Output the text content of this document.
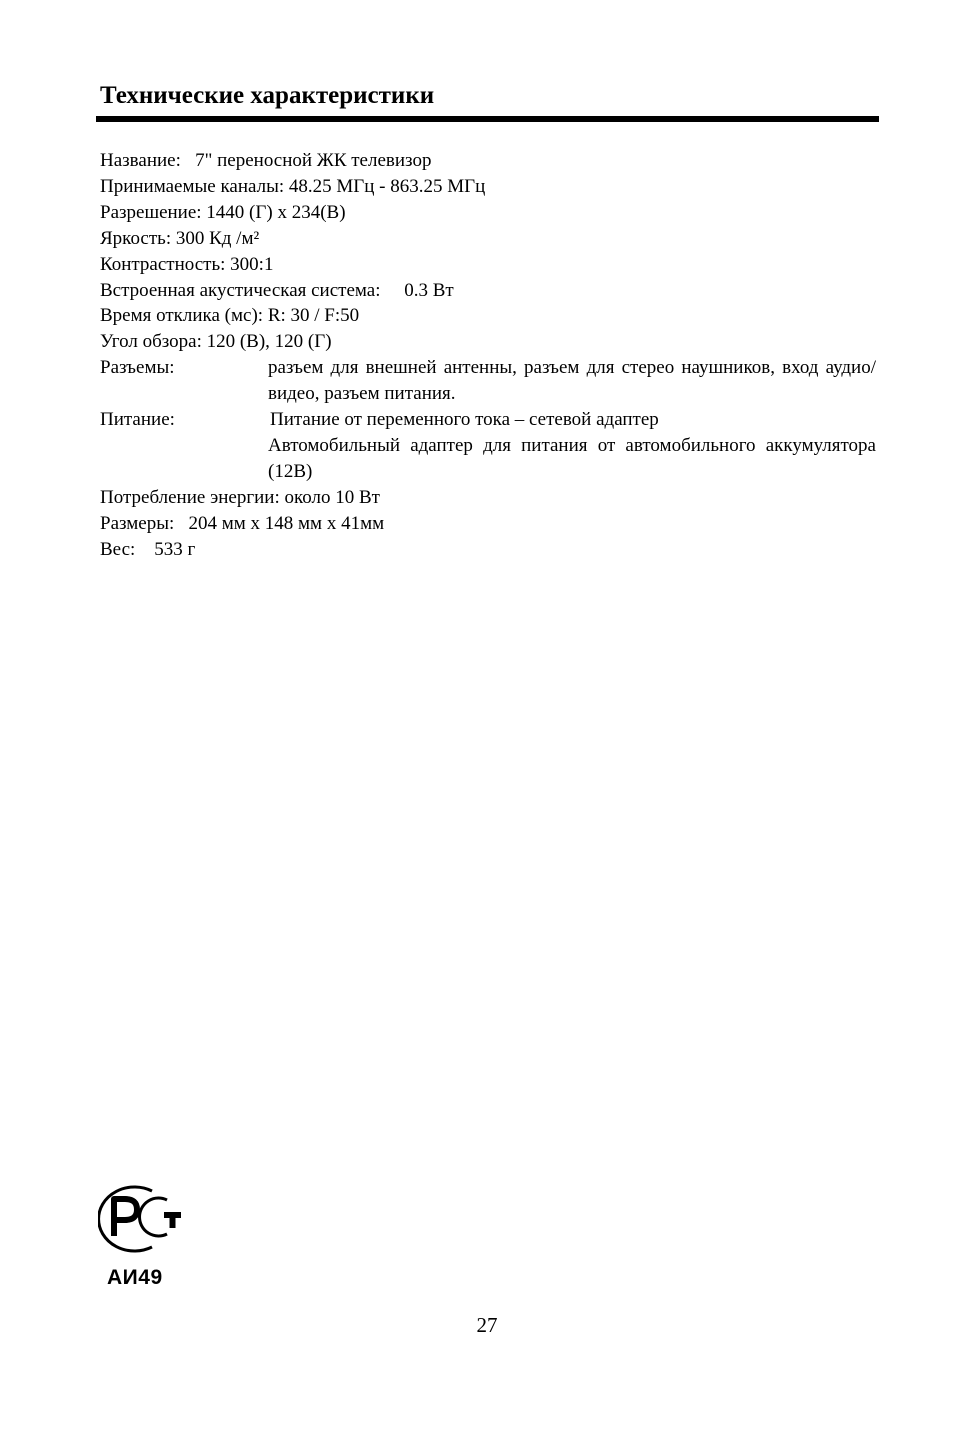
Технические характеристики
Название:   7" переносной ЖК телевизор
Принимаемые каналы: 48.25 МГц - 863.25 МГц
Разрешение: 1440 (Г) x 234(В)
Яркость: 300 Кд /м²
Контрастность: 300:1
Встроенная акустическая система:     0.3 Вт
Время отклика (мс): R: 30 / F:50
Угол обзора: 120 (В), 120 (Г)
Разъемы:	разъем для внешней антенны, разъем для стерео наушников, вход аудио/видео, разъем питания.
Питание:	Питание от переменного тока – сетевой адаптер
Автомобильный адаптер для питания от автомобильного аккумулятора (12В)
Потребление энергии: около 10 Вт
Размеры:   204 мм x 148 мм x 41мм
Вес:    533 г
АИ49
27
